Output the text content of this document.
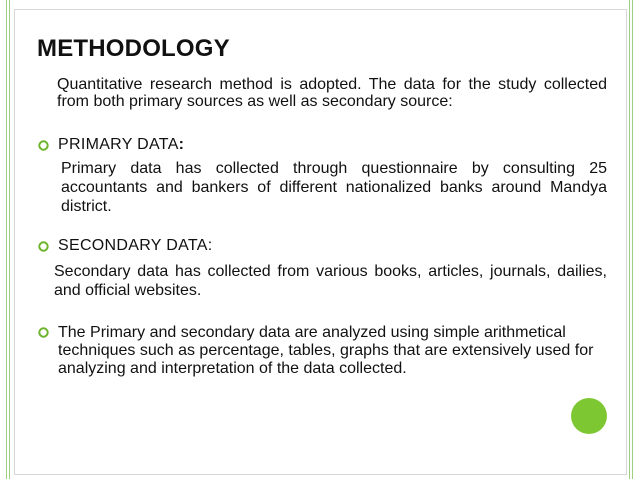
METHODOLOGY
Quantitative research method is adopted. The data for the study collected from both primary sources as well as secondary source:
PRIMARY DATA:
Primary data has collected through questionnaire by consulting 25 accountants and bankers of different nationalized banks around Mandya district.
SECONDARY DATA:
Secondary data has collected from various books, articles, journals, dailies, and official websites.
The Primary and secondary data are analyzed using simple arithmetical techniques such as percentage, tables, graphs that are extensively used for analyzing and interpretation of the data collected.
